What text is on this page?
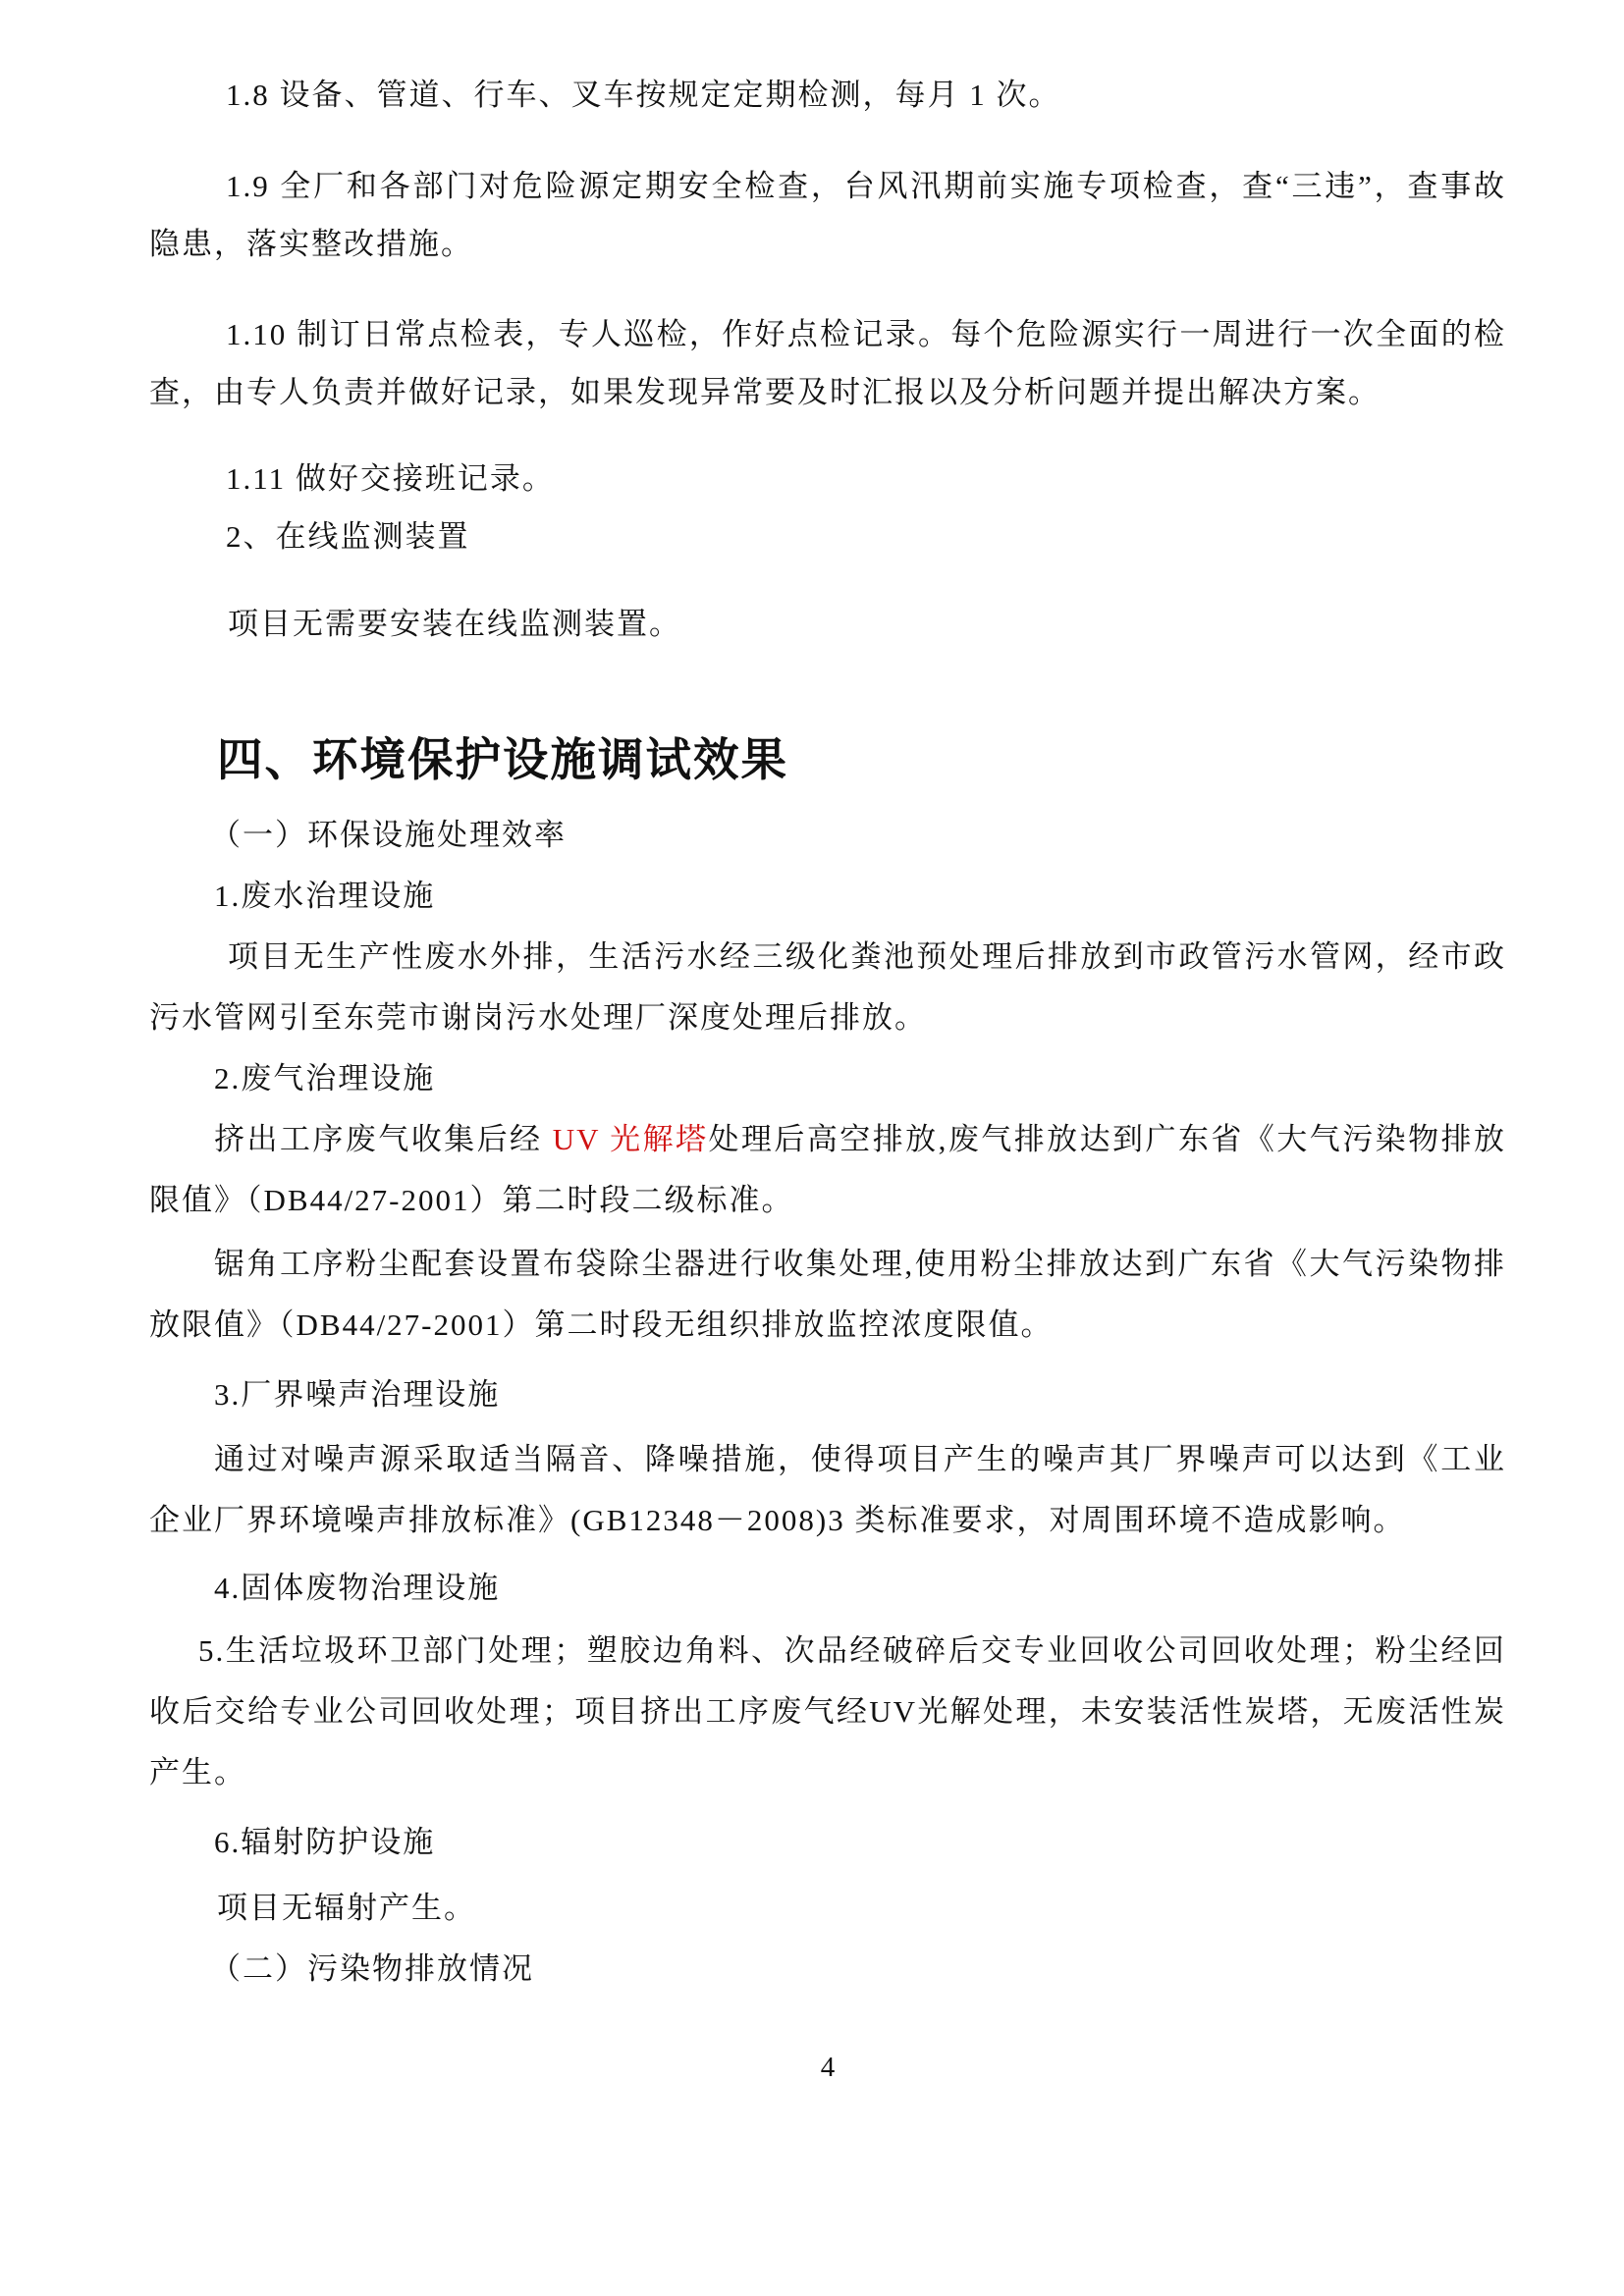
1.8 设备、管道、行车、叉车按规定定期检测，每月 1 次。

1.9 全厂和各部门对危险源定期安全检查，台风汛期前实施专项检查，查“三违”，查事故隐患，落实整改措施。

1.10 制订日常点检表，专人巡检，作好点检记录。每个危险源实行一周进行一次全面的检查，由专人负责并做好记录，如果发现异常要及时汇报以及分析问题并提出解决方案。

1.11 做好交接班记录。

2、在线监测装置

项目无需要安装在线监测装置。

四、环境保护设施调试效果

（一）环保设施处理效率

1.废水治理设施

项目无生产性废水外排，生活污水经三级化粪池预处理后排放到市政管污水管网，经市政污水管网引至东莞市谢岗污水处理厂深度处理后排放。

2.废气治理设施

挤出工序废气收集后经 UV 光解塔处理后高空排放,废气排放达到广东省《大气污染物排放限值》（DB44/27-2001）第二时段二级标准。

锯角工序粉尘配套设置布袋除尘器进行收集处理,使用粉尘排放达到广东省《大气污染物排放限值》（DB44/27-2001）第二时段无组织排放监控浓度限值。

3.厂界噪声治理设施

通过对噪声源采取适当隔音、降噪措施，使得项目产生的噪声其厂界噪声可以达到《工业企业厂界环境噪声排放标准》(GB12348－2008)3 类标准要求，对周围环境不造成影响。

4.固体废物治理设施

5.生活垃圾环卫部门处理；塑胶边角料、次品经破碎后交专业回收公司回收处理；粉尘经回收后交给专业公司回收处理；项目挤出工序废气经UV光解处理，未安装活性炭塔，无废活性炭产生。

6.辐射防护设施

项目无辐射产生。

（二）污染物排放情况

4
